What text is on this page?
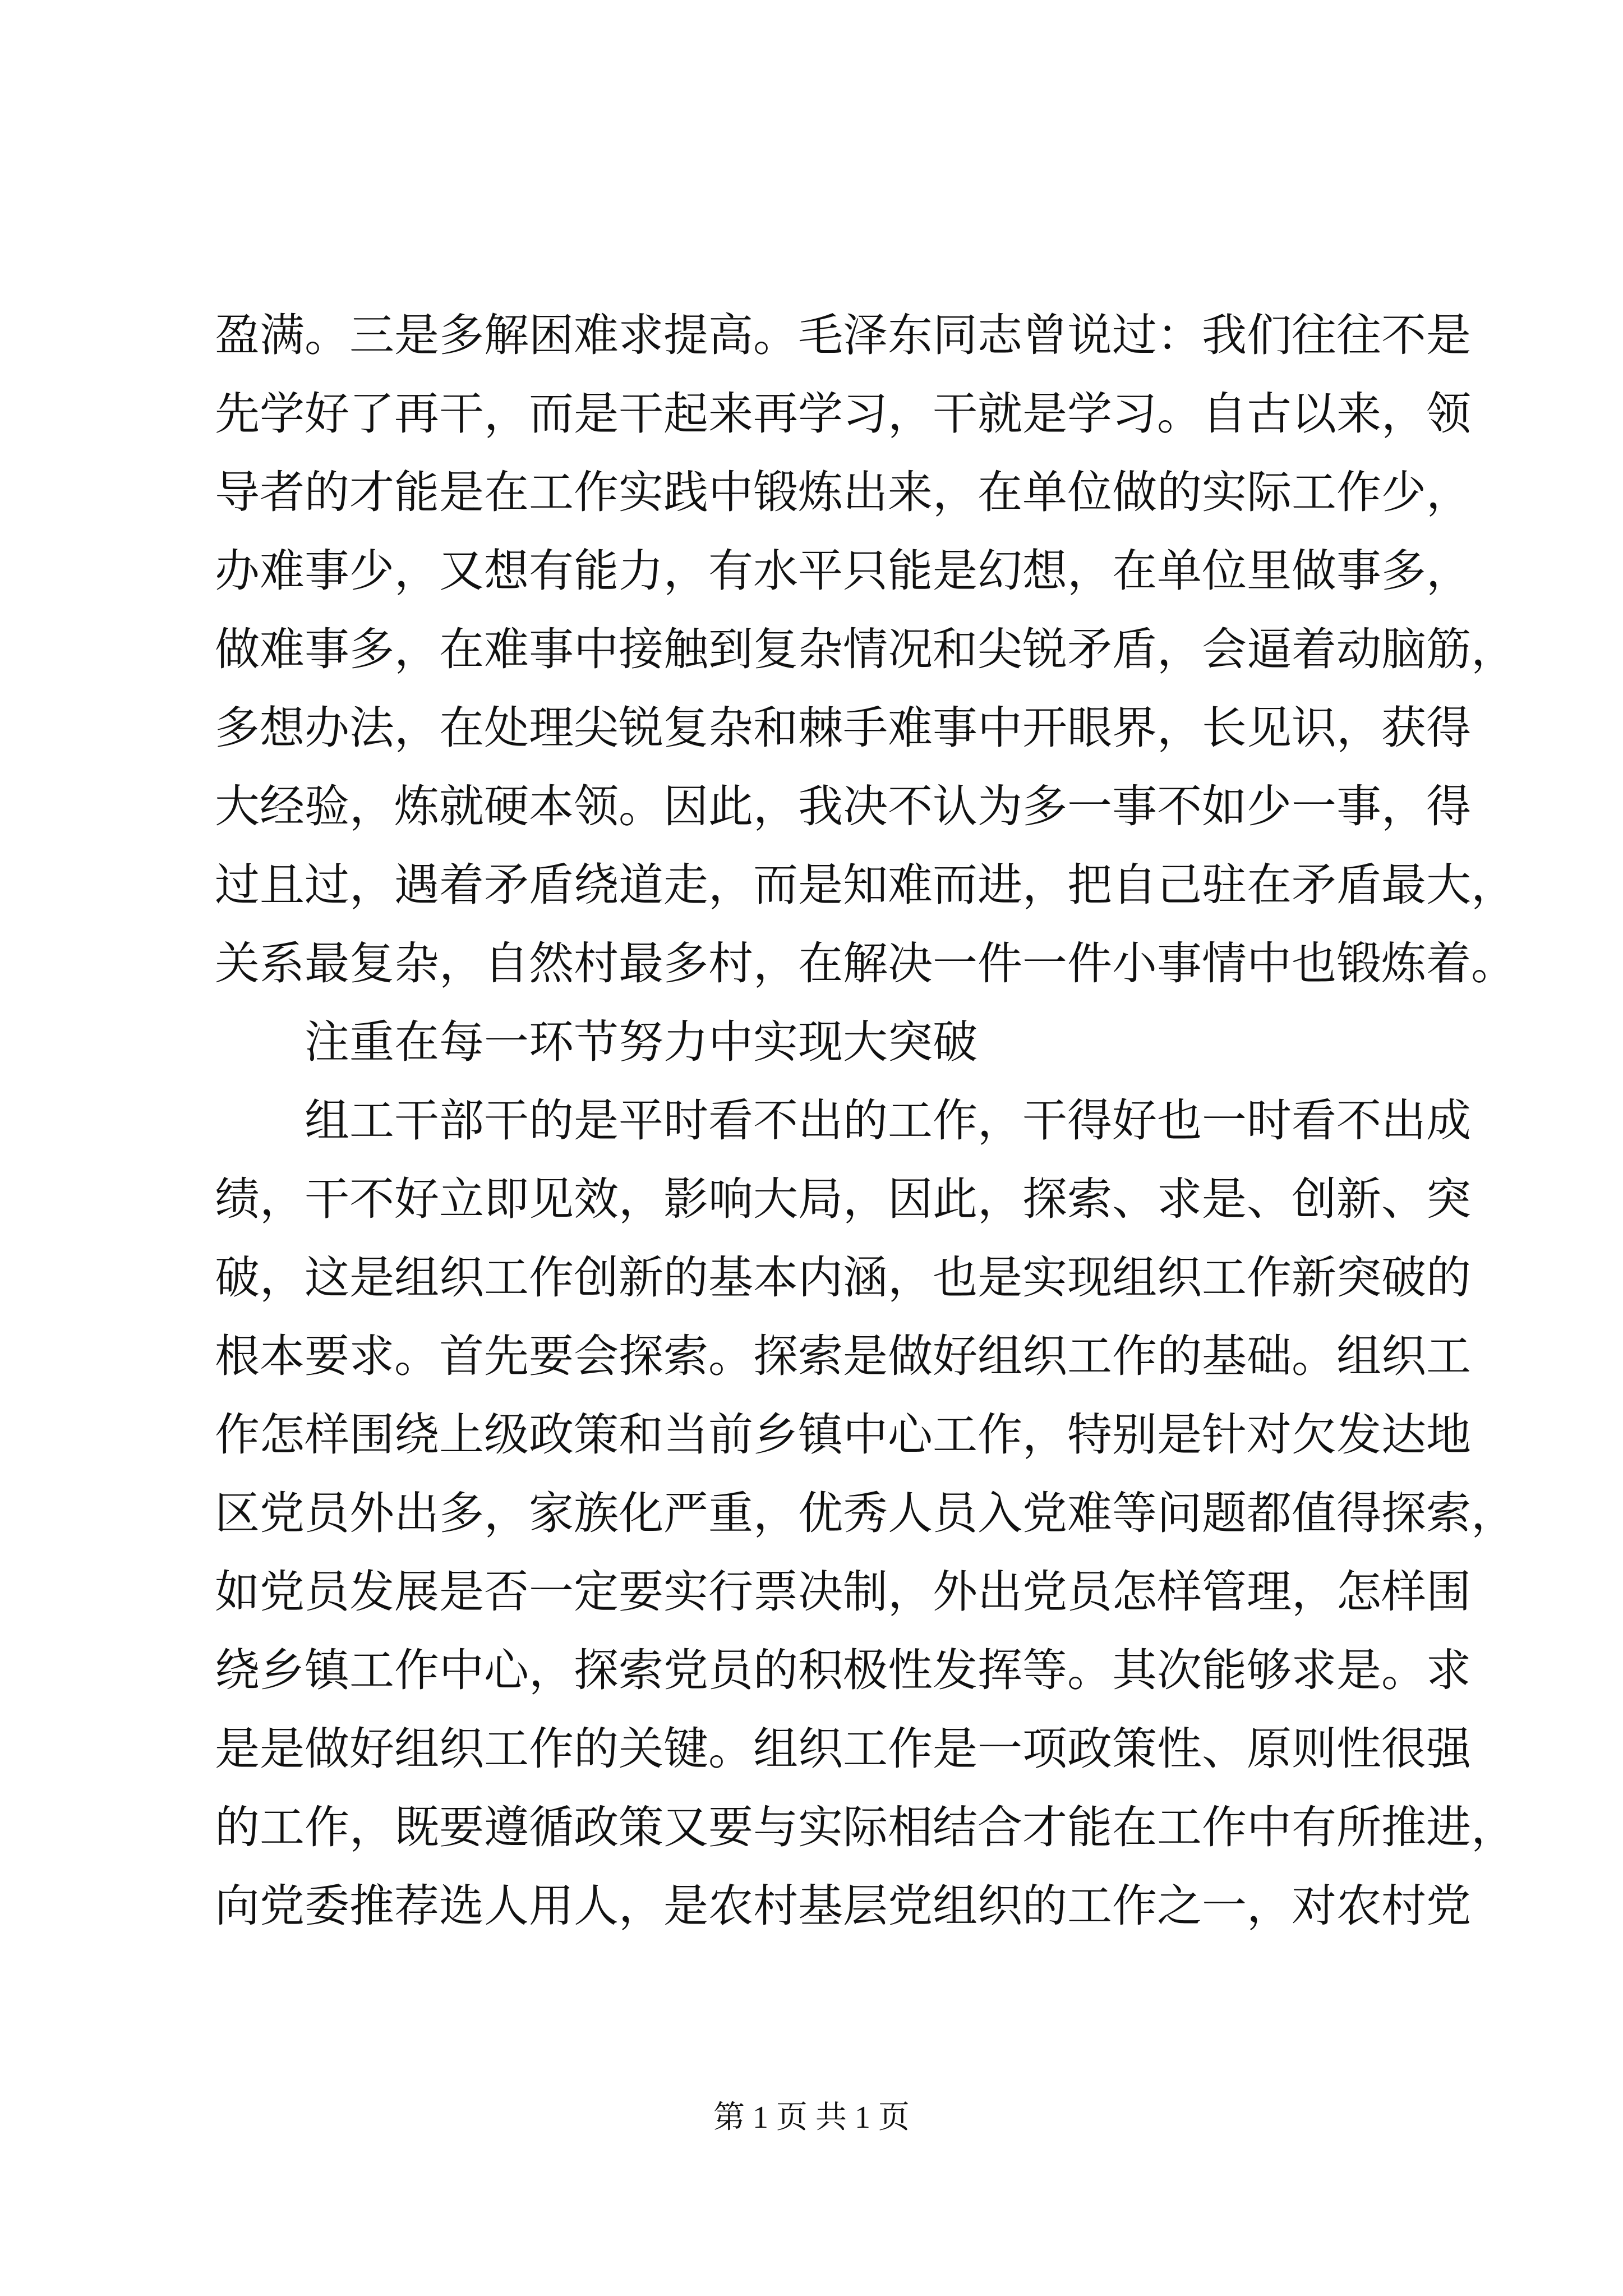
盈满。三是多解困难求提高。毛泽东同志曾说过：我们往往不是
先学好了再干，而是干起来再学习，干就是学习。自古以来，领
导者的才能是在工作实践中锻炼出来，在单位做的实际工作少，
办难事少，又想有能力，有水平只能是幻想，在单位里做事多，
做难事多，在难事中接触到复杂情况和尖锐矛盾，会逼着动脑筋，
多想办法，在处理尖锐复杂和棘手难事中开眼界，长见识，获得
大经验，炼就硬本领。因此，我决不认为多一事不如少一事，得
过且过，遇着矛盾绕道走，而是知难而进，把自己驻在矛盾最大，
关系最复杂，自然村最多村，在解决一件一件小事情中也锻炼着。
注重在每一环节努力中实现大突破
组工干部干的是平时看不出的工作，干得好也一时看不出成
绩，干不好立即见效，影响大局，因此，探索、求是、创新、突
破，这是组织工作创新的基本内涵，也是实现组织工作新突破的
根本要求。首先要会探索。探索是做好组织工作的基础。组织工
作怎样围绕上级政策和当前乡镇中心工作，特别是针对欠发达地
区党员外出多，家族化严重，优秀人员入党难等问题都值得探索，
如党员发展是否一定要实行票决制，外出党员怎样管理，怎样围
绕乡镇工作中心，探索党员的积极性发挥等。其次能够求是。求
是是做好组织工作的关键。组织工作是一项政策性、原则性很强
的工作，既要遵循政策又要与实际相结合才能在工作中有所推进，
向党委推荐选人用人，是农村基层党组织的工作之一，对农村党
第 1 页 共 1 页
